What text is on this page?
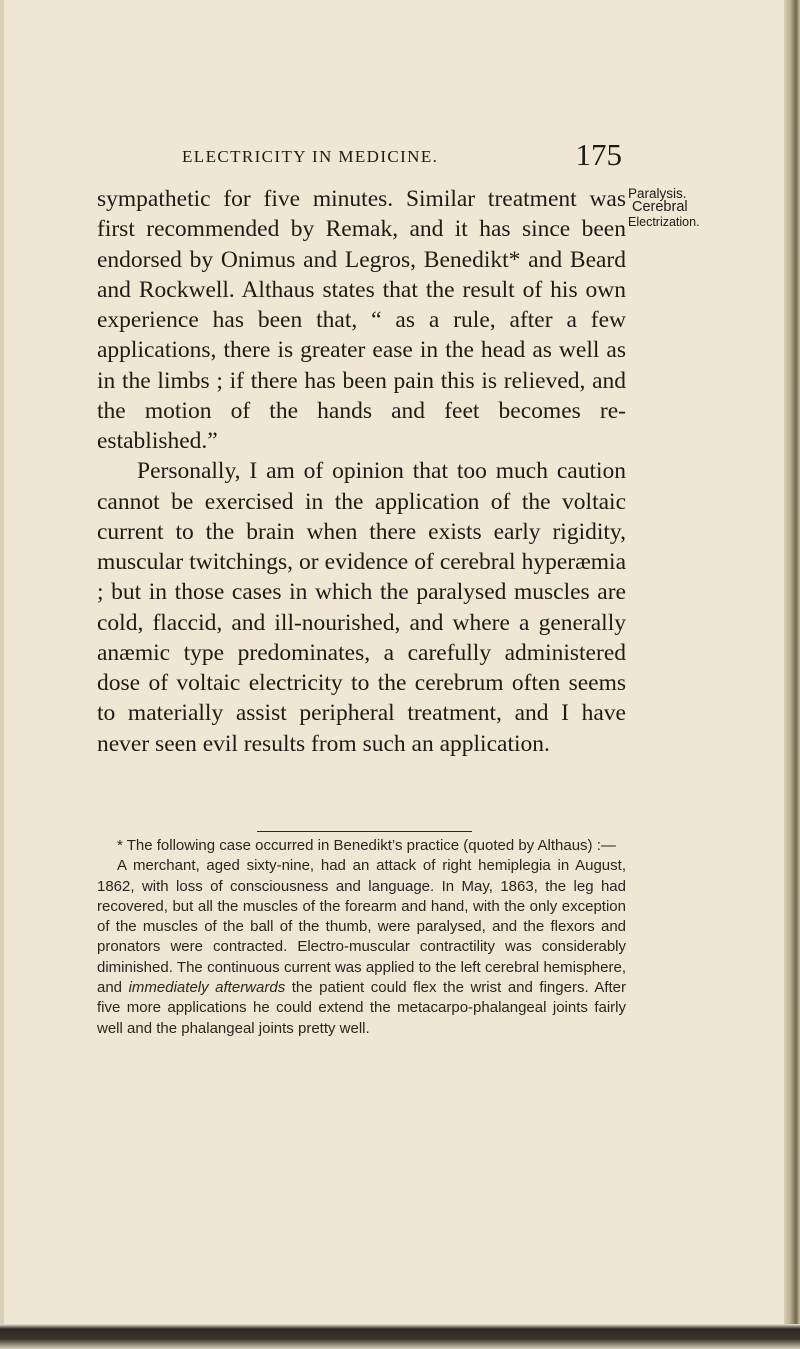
ELECTRICITY IN MEDICINE.	175

sympathetic for five minutes. Similar treatment was first recommended by Remak, and it has since been endorsed by Onimus and Legros, Benedikt* and Beard and Rockwell. Althaus states that the result of his own experience has been that, “ as a rule, after a few applications, there is greater ease in the head as well as in the limbs ; if there has been pain this is relieved, and the motion of the hands and feet becomes re-established.”

Personally, I am of opinion that too much caution cannot be exercised in the application of the voltaic current to the brain when there exists early rigidity, muscular twitchings, or evidence of cerebral hyperæmia ; but in those cases in which the paralysed muscles are cold, flaccid, and ill-nourished, and where a generally anæmic type predominates, a carefully administered dose of voltaic electricity to the cerebrum often seems to materially assist peripheral treatment, and I have never seen evil results from such an application.

Paralysis.
Cerebral
Electrization.

* The following case occurred in Benedikt’s practice (quoted by Althaus) :—

A merchant, aged sixty-nine, had an attack of right hemiplegia in August, 1862, with loss of consciousness and language. In May, 1863, the leg had recovered, but all the muscles of the forearm and hand, with the only exception of the muscles of the ball of the thumb, were paralysed, and the flexors and pronators were contracted. Electro-muscular contractility was considerably diminished. The continuous current was applied to the left cerebral hemisphere, and immediately afterwards the patient could flex the wrist and fingers. After five more applications he could extend the metacarpo-phalangeal joints fairly well and the phalangeal joints pretty well.
